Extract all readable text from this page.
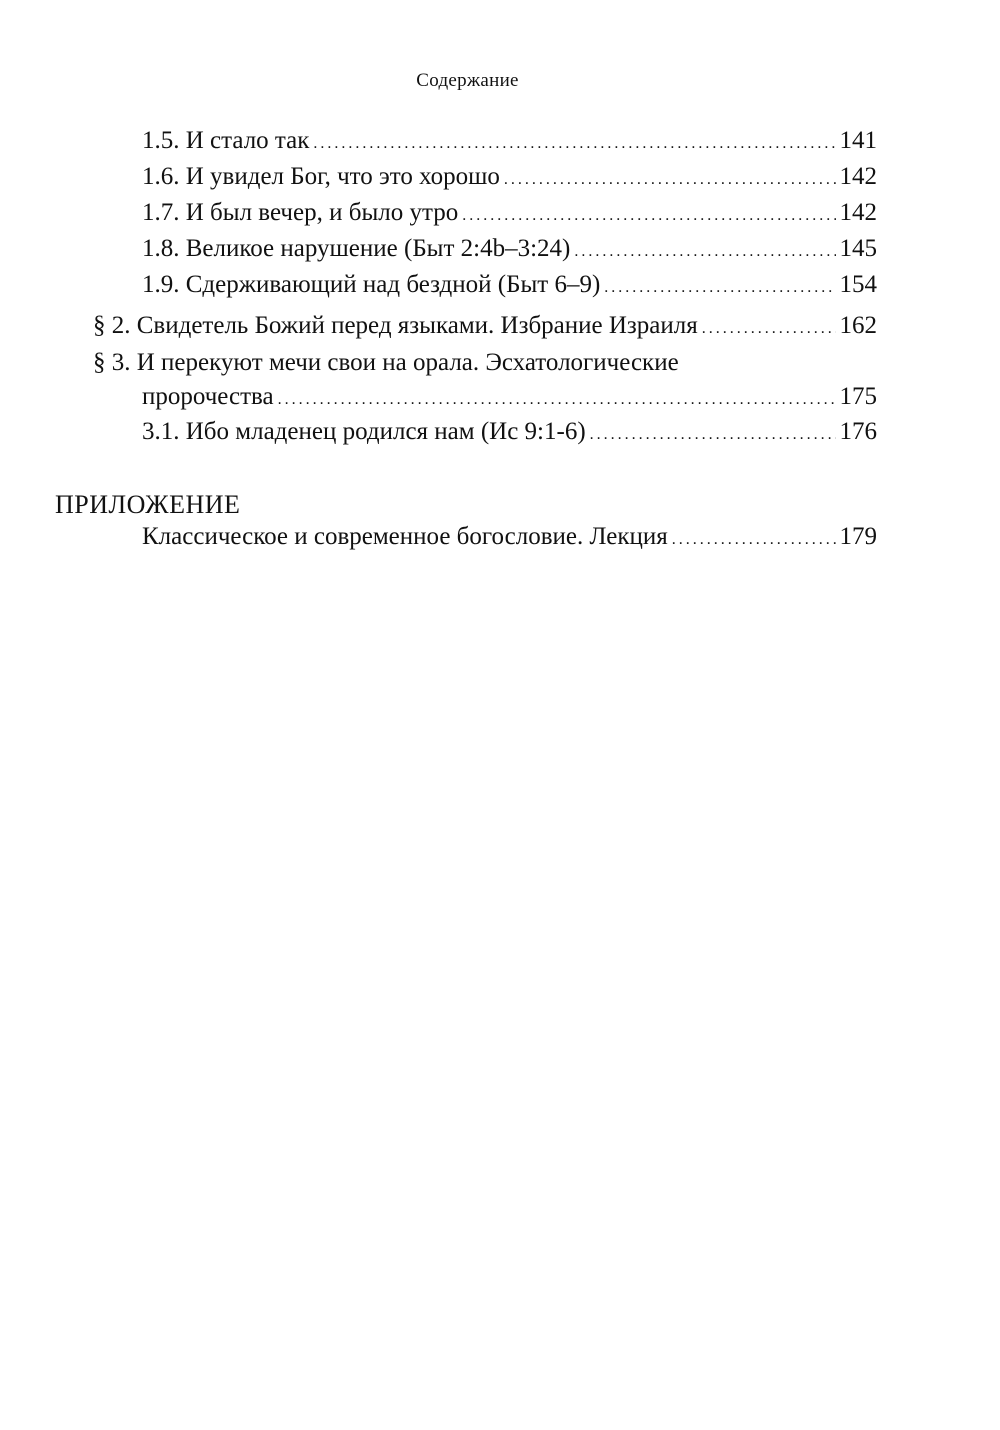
Содержание
1.5. И стало так .....	141
1.6. И увидел Бог, что это хорошо .....	142
1.7. И был вечер, и было утро .....	142
1.8. Великое нарушение (Быт 2:4b–3:24) .....	145
1.9. Сдерживающий над бездной (Быт 6–9) .....	154
§ 2. Свидетель Божий перед языками. Избрание Израиля .....	162
§ 3. И перекуют мечи свои на орала. Эсхатологические
пророчества .....	175
3.1. Ибо младенец родился нам (Ис 9:1-6) .....	176
ПРИЛОЖЕНИЕ
Классическое и современное богословие. Лекция .....	179
